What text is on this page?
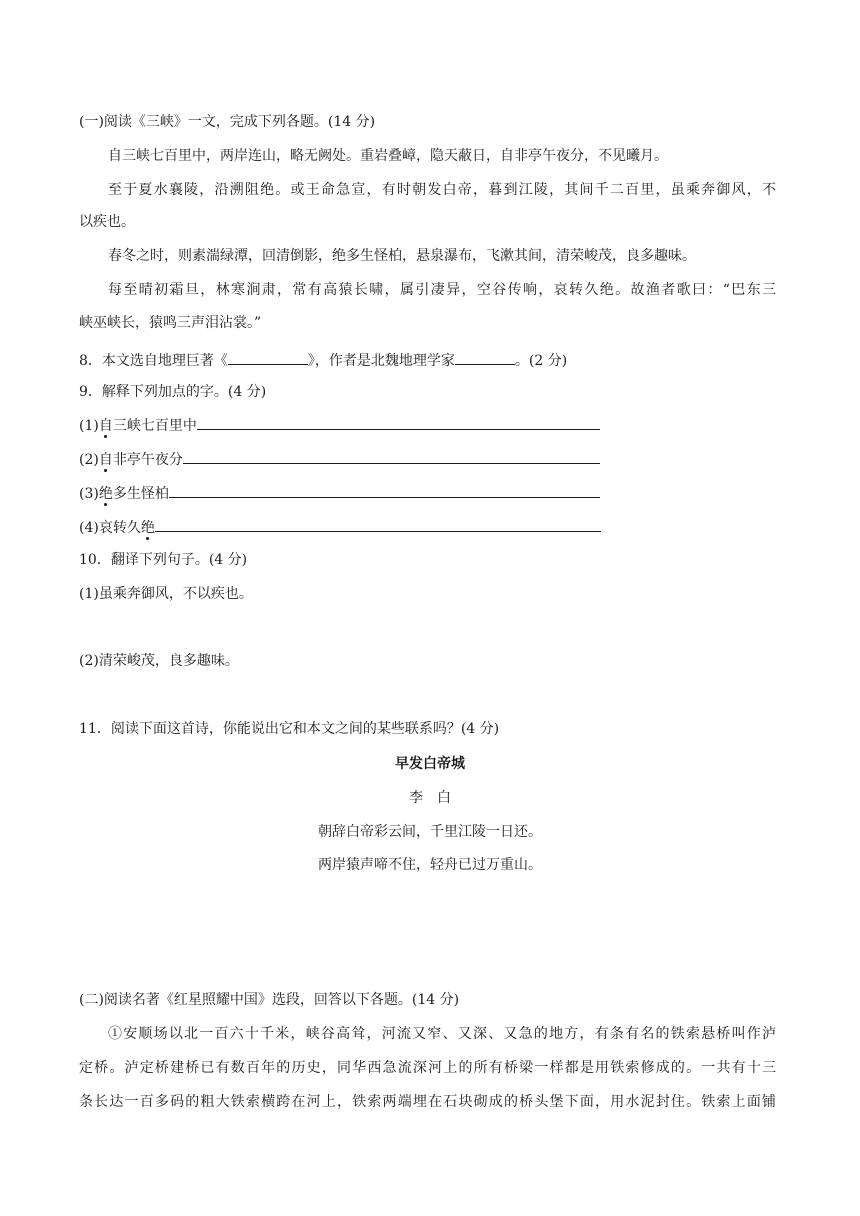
(一)阅读《三峡》一文，完成下列各题。(14 分)
自三峡七百里中，两岸连山，略无阙处。重岩叠嶂，隐天蔽日，自非亭午夜分，不见曦月。
至于夏水襄陵，沿溯阻绝。或王命急宣，有时朝发白帝，暮到江陵，其间千二百里，虽乘奔御风，不
以疾也。
春冬之时，则素湍绿潭，回清倒影，绝多生怪柏，悬泉瀑布，飞漱其间，清荣峻茂，良多趣味。
每至晴初霜旦，林寒涧肃，常有高猿长啸，属引凄异，空谷传响，哀转久绝。故渔者歌曰：“巴东三
峡巫峡长，猿鸣三声泪沾裳。”
8．本文选自地理巨著《	》，作者是北魏地理学家	。(2 分)
9．解释下列加点的字。(4 分)
(1)自三峡七百里中
(2)自非亭午夜分
(3)绝多生怪柏
(4)哀转久绝
10．翻译下列句子。(4 分)
(1)虽乘奔御风，不以疾也。
(2)清荣峻茂，良多趣味。
11．阅读下面这首诗，你能说出它和本文之间的某些联系吗？(4 分)
早发白帝城
李　白
朝辞白帝彩云间，千里江陵一日还。
两岸猿声啼不住，轻舟已过万重山。
(二)阅读名著《红星照耀中国》选段，回答以下各题。(14 分)
①安顺场以北一百六十千米，峡谷高耸，河流又窄、又深、又急的地方，有条有名的铁索悬桥叫作泸
定桥。泸定桥建桥已有数百年的历史，同华西急流深河上的所有桥梁一样都是用铁索修成的。一共有十三
条长达一百多码的粗大铁索横跨在河上，铁索两端埋在石块砌成的桥头堡下面，用水泥封住。铁索上面铺
